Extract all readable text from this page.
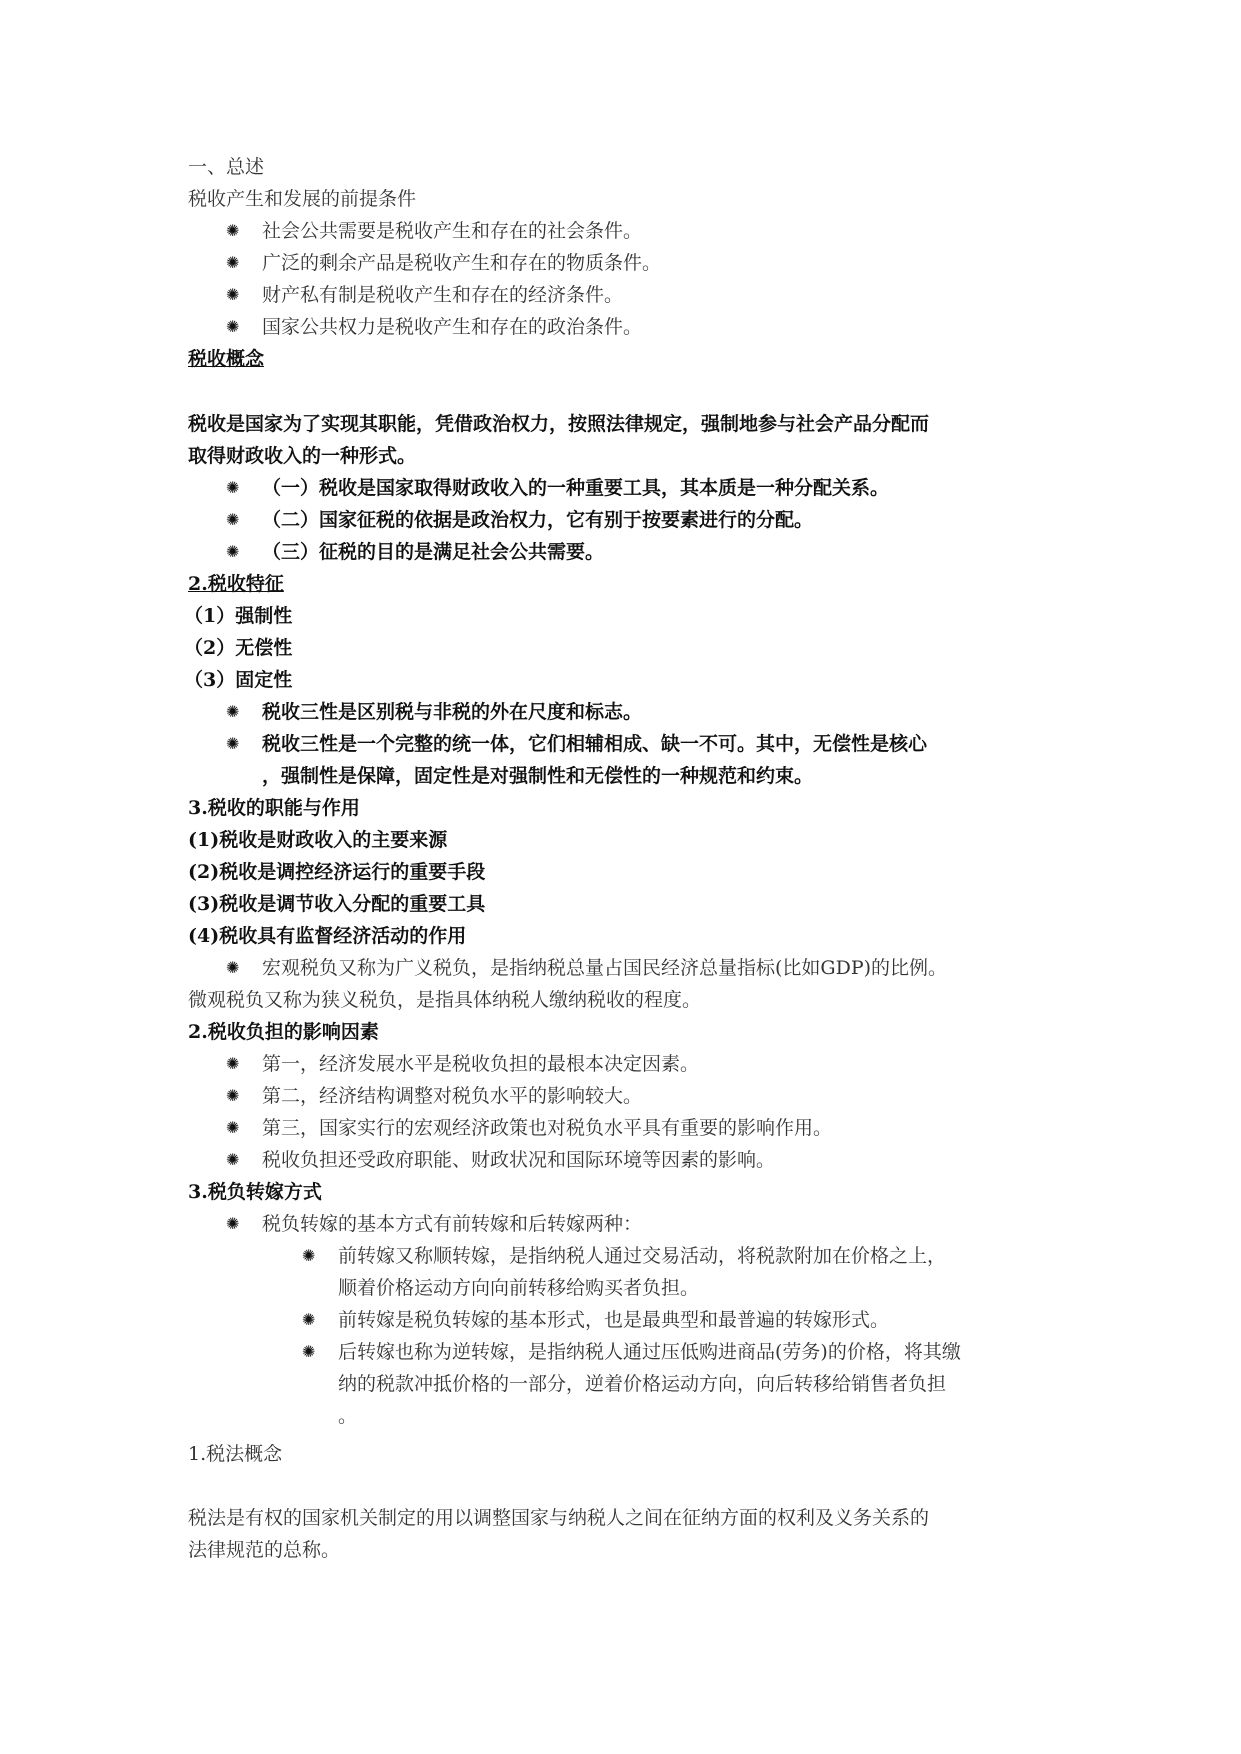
一、总述
税收产生和发展的前提条件
✺ 社会公共需要是税收产生和存在的社会条件。
✺ 广泛的剩余产品是税收产生和存在的物质条件。
✺ 财产私有制是税收产生和存在的经济条件。
✺ 国家公共权力是税收产生和存在的政治条件。
税收概念
税收是国家为了实现其职能，凭借政治权力，按照法律规定，强制地参与社会产品分配而
取得财政收入的一种形式。
✺ （一）税收是国家取得财政收入的一种重要工具，其本质是一种分配关系。
✺ （二）国家征税的依据是政治权力，它有别于按要素进行的分配。
✺ （三）征税的目的是满足社会公共需要。
2.税收特征
（1）强制性
（2）无偿性
（3）固定性
✺ 税收三性是区别税与非税的外在尺度和标志。
✺ 税收三性是一个完整的统一体，它们相辅相成、缺一不可。其中，无偿性是核心
，强制性是保障，固定性是对强制性和无偿性的一种规范和约束。
3.税收的职能与作用
(1)税收是财政收入的主要来源
(2)税收是调控经济运行的重要手段
(3)税收是调节收入分配的重要工具
(4)税收具有监督经济活动的作用
✺ 宏观税负又称为广义税负，是指纳税总量占国民经济总量指标(比如GDP)的比例。
微观税负又称为狭义税负，是指具体纳税人缴纳税收的程度。
2.税收负担的影响因素
✺ 第一，经济发展水平是税收负担的最根本决定因素。
✺ 第二，经济结构调整对税负水平的影响较大。
✺ 第三，国家实行的宏观经济政策也对税负水平具有重要的影响作用。
✺ 税收负担还受政府职能、财政状况和国际环境等因素的影响。
3.税负转嫁方式
✺ 税负转嫁的基本方式有前转嫁和后转嫁两种：
✺ 前转嫁又称顺转嫁，是指纳税人通过交易活动，将税款附加在价格之上，
顺着价格运动方向向前转移给购买者负担。
✺ 前转嫁是税负转嫁的基本形式，也是最典型和最普遍的转嫁形式。
✺ 后转嫁也称为逆转嫁，是指纳税人通过压低购进商品(劳务)的价格，将其缴
纳的税款冲抵价格的一部分，逆着价格运动方向，向后转移给销售者负担
。
1.税法概念
税法是有权的国家机关制定的用以调整国家与纳税人之间在征纳方面的权利及义务关系的
法律规范的总称。
